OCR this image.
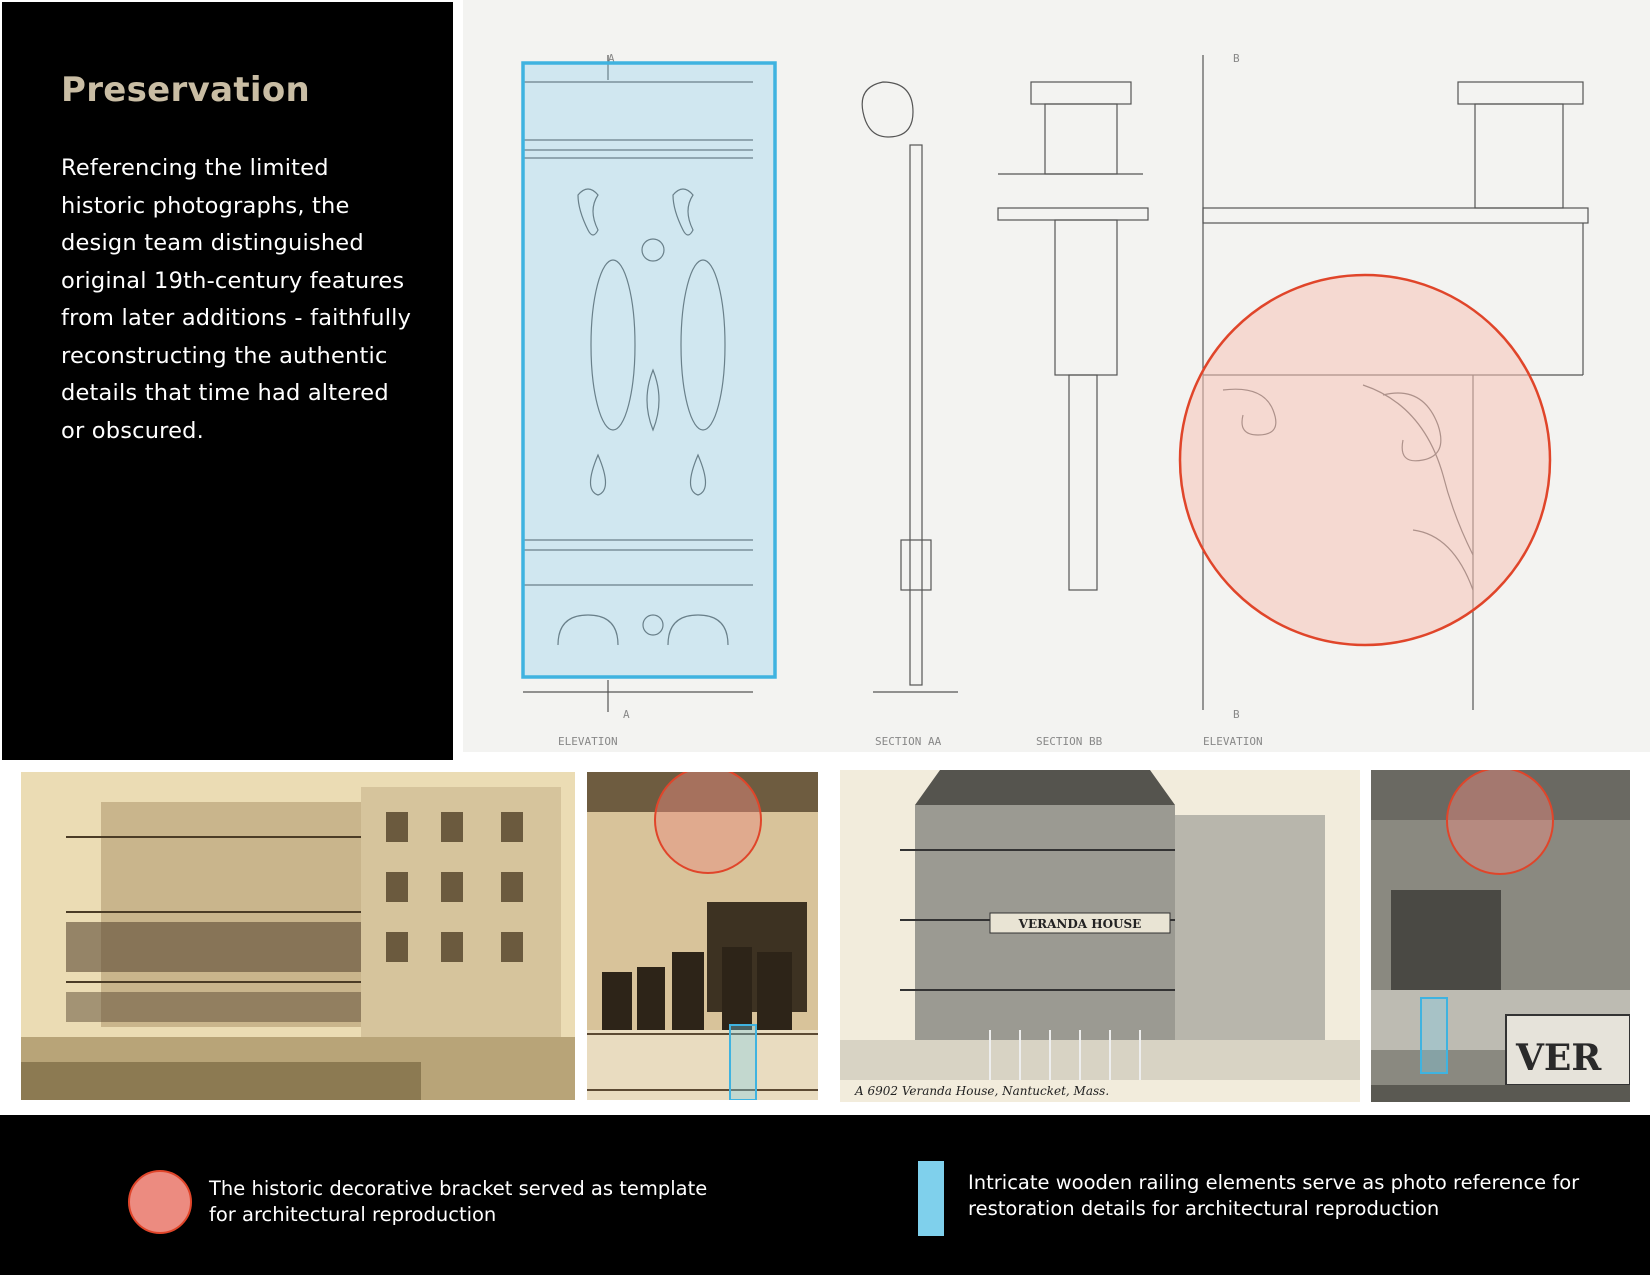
Preservation

Referencing the limited historic photographs, the design team distinguished original 19th-century features from later additions - faithfully reconstructing the authentic details that time had altered or obscured.

A
A
ELEVATION	SECTION AA	SECTION BB
B
B
ELEVATION
VERANDA HOUSE
A 6902 Veranda House, Nantucket, Mass.
VER

The historic decorative bracket served as template for architectural reproduction

Intricate wooden railing elements serve as photo reference for restoration details for architectural reproduction
